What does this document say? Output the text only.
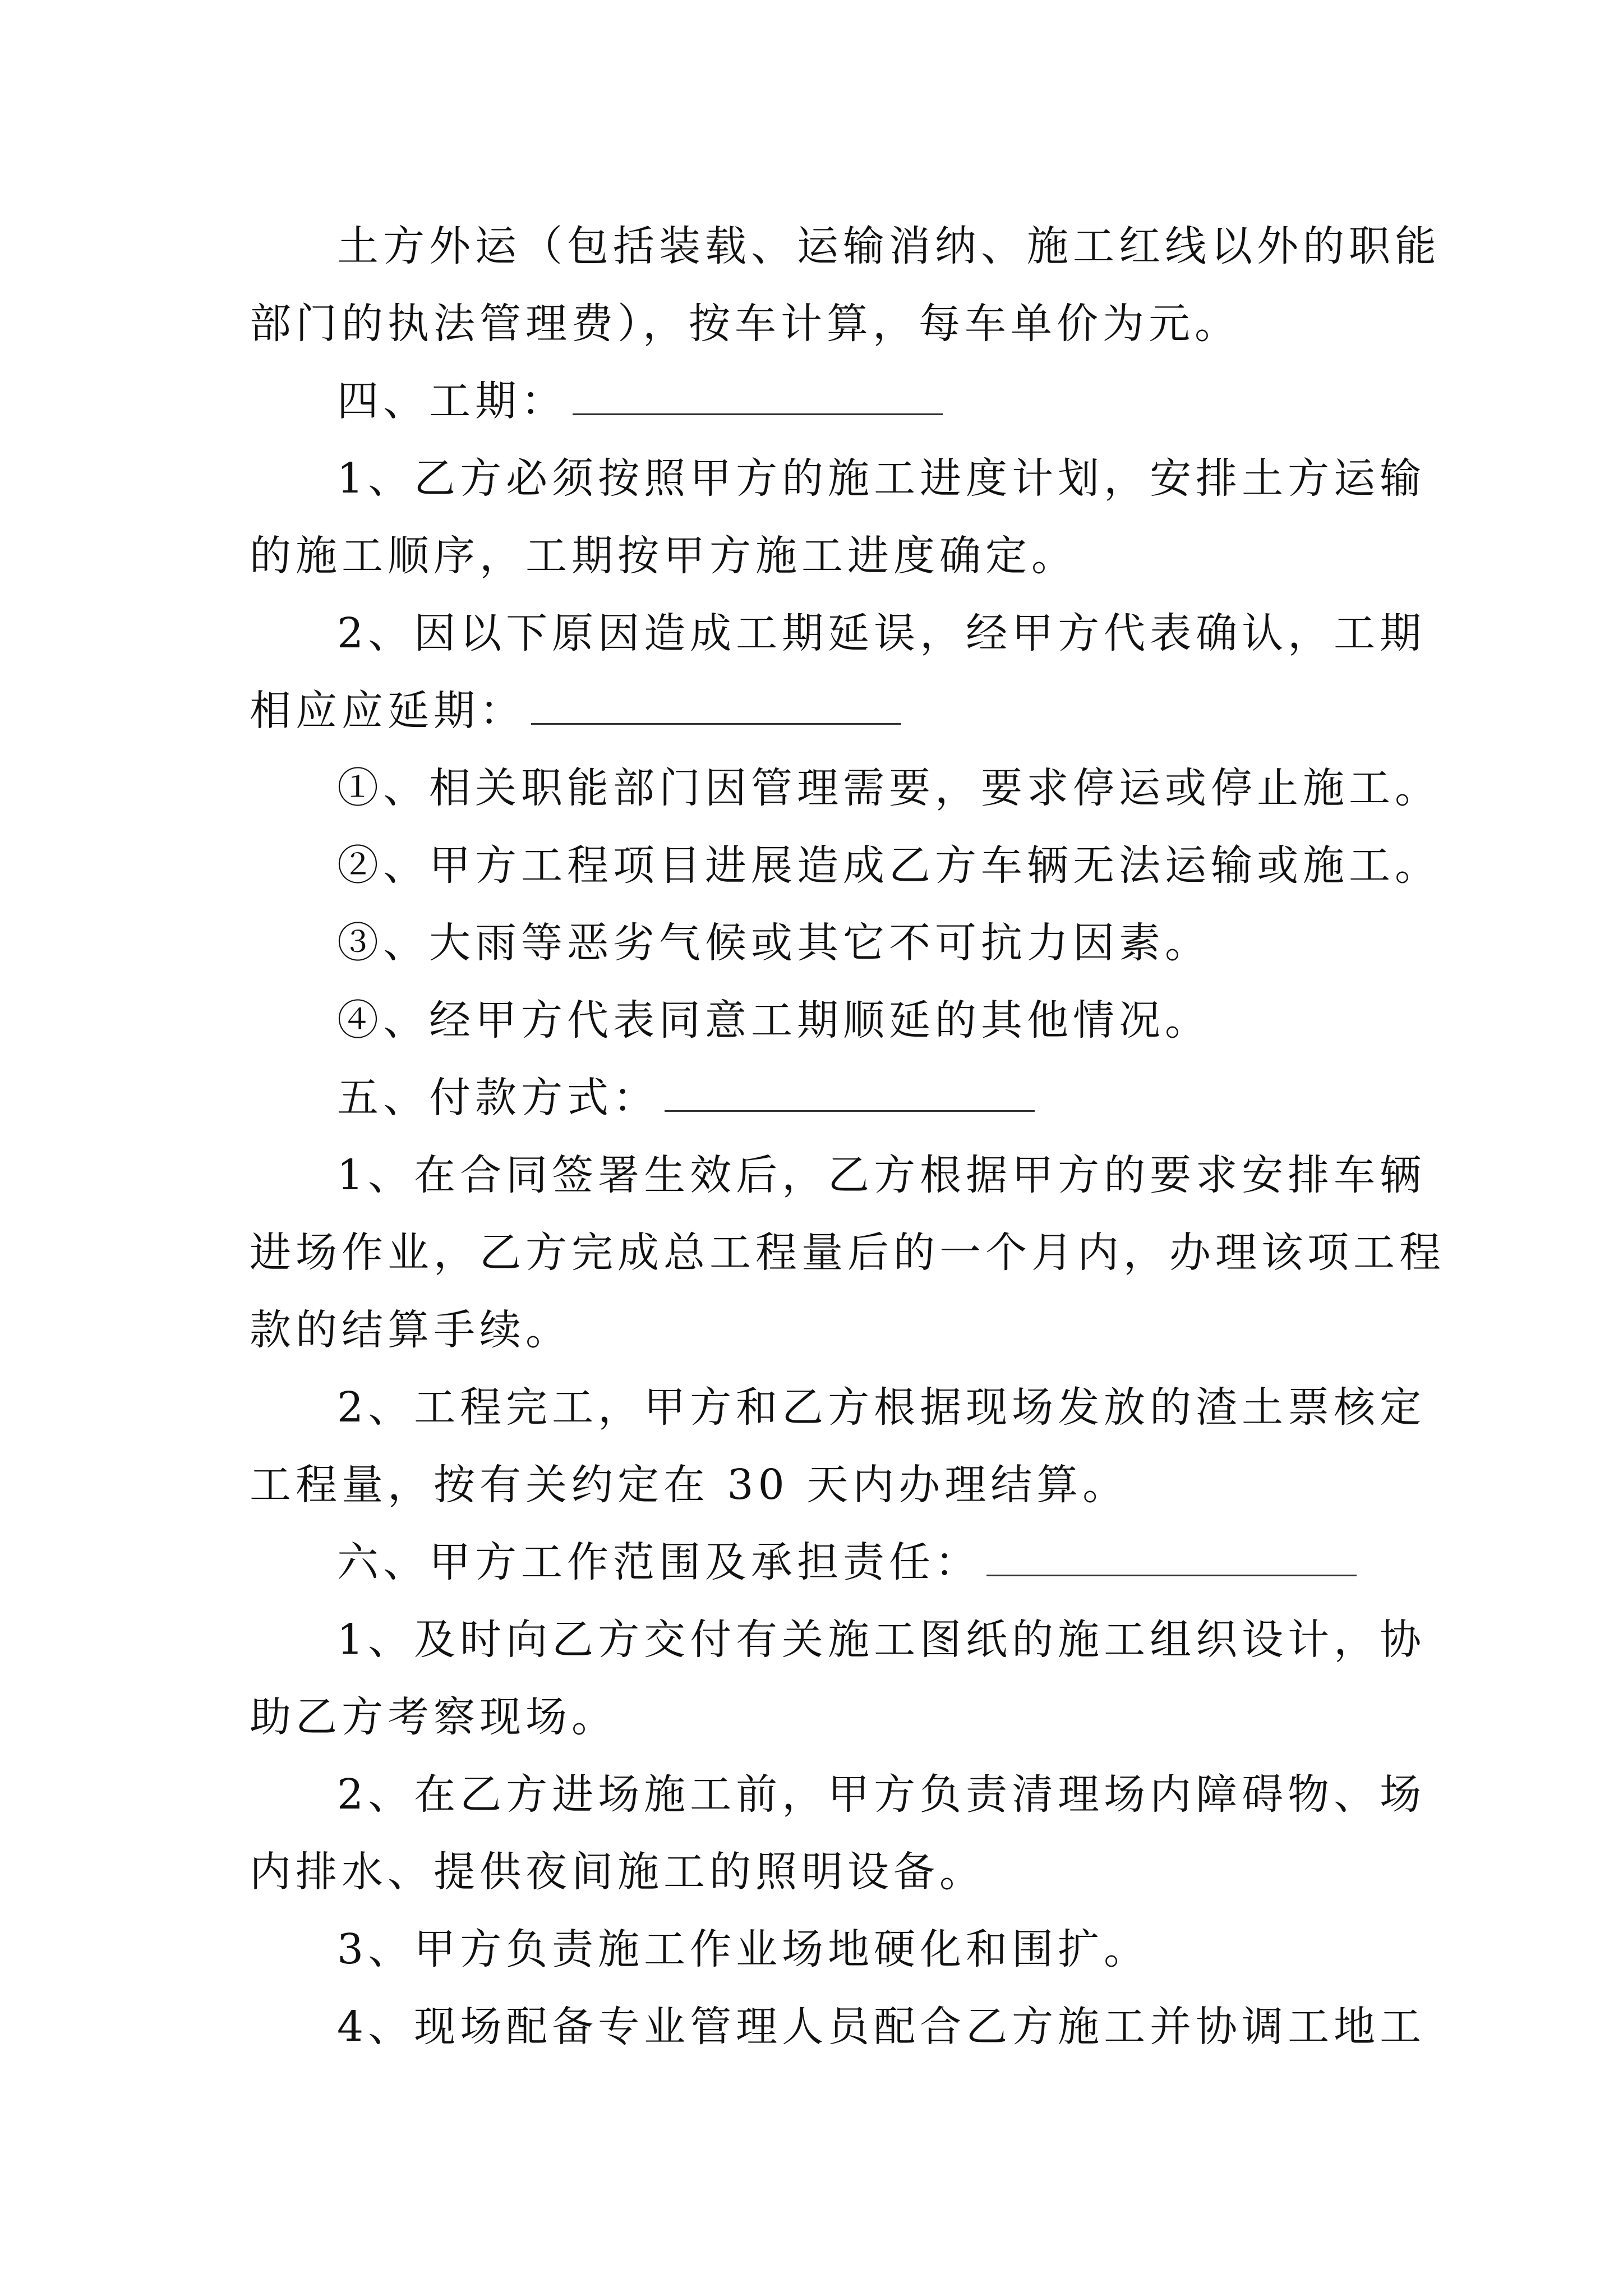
土方外运（包括装载、运输消纳、施工红线以外的职能
部门的执法管理费），按车计算，每车单价为元。
四、工期：
1、乙方必须按照甲方的施工进度计划，安排土方运输
的施工顺序，工期按甲方施工进度确定。
2、因以下原因造成工期延误，经甲方代表确认，工期
相应应延期：
①、相关职能部门因管理需要，要求停运或停止施工。
②、甲方工程项目进展造成乙方车辆无法运输或施工。
③、大雨等恶劣气候或其它不可抗力因素。
④、经甲方代表同意工期顺延的其他情况。
五、付款方式：
1、在合同签署生效后，乙方根据甲方的要求安排车辆
进场作业，乙方完成总工程量后的一个月内，办理该项工程
款的结算手续。
2、工程完工，甲方和乙方根据现场发放的渣土票核定
工程量，按有关约定在 30 天内办理结算。
六、甲方工作范围及承担责任：
1、及时向乙方交付有关施工图纸的施工组织设计，协
助乙方考察现场。
2、在乙方进场施工前，甲方负责清理场内障碍物、场
内排水、提供夜间施工的照明设备。
3、甲方负责施工作业场地硬化和围扩。
4、现场配备专业管理人员配合乙方施工并协调工地工
